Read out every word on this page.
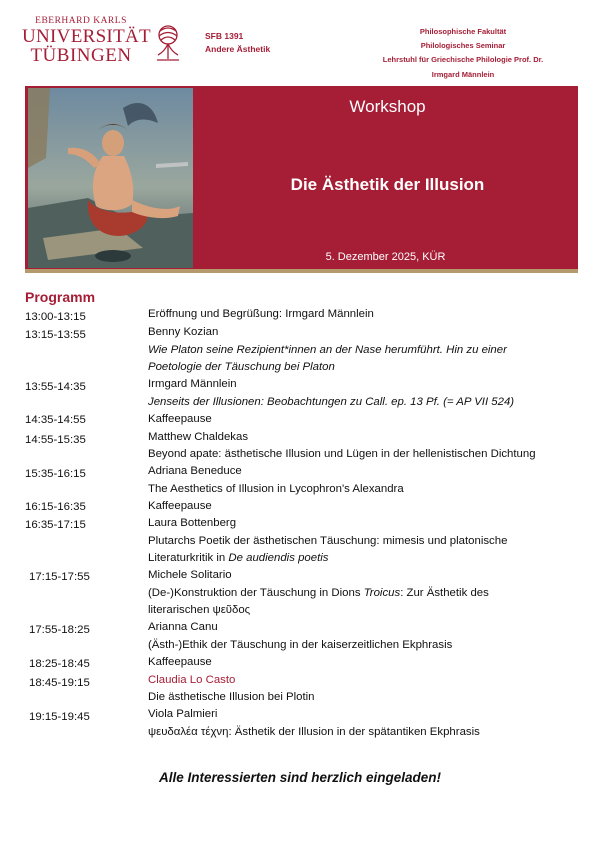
EBERHARD KARLS
UNIVERSITÄT
TÜBINGEN
SFB 1391
Andere Ästhetik
Philosophische Fakultät
Philologisches Seminar
Lehrstuhl für Griechische Philologie Prof. Dr.
Irmgard Männlein
Workshop
Die Ästhetik der Illusion
5. Dezember 2025, KÜR
Programm
13:00-13:15
13:15-13:55
13:55-14:35
14:35-14:55
14:55-15:35
15:35-16:15
16:15-16:35
16:35-17:15
17:15-17:55
17:55-18:25
18:25-18:45
18:45-19:15
19:15-19:45
Eröffnung und Begrüßung: Irmgard Männlein
Benny Kozian
Wie Platon seine Rezipient*innen an der Nase herumführt. Hin zu einer
Poetologie der Täuschung bei Platon
Irmgard Männlein
Jenseits der Illusionen: Beobachtungen zu Call. ep. 13 Pf. (= AP VII 524)
Kaffeepause
Matthew Chaldekas
Beyond apate: ästhetische Illusion und Lügen in der hellenistischen Dichtung
Adriana Beneduce
The Aesthetics of Illusion in Lycophron's Alexandra
Kaffeepause
Laura Bottenberg
Plutarchs Poetik der ästhetischen Täuschung: mimesis und platonische
Literaturkritik in De audiendis poetis
Michele Solitario
(De-)Konstruktion der Täuschung in Dions Troicus: Zur Ästhetik des
literarischen ψεῦδος
Arianna Canu
(Ästh-)Ethik der Täuschung in der kaiserzeitlichen Ekphrasis
Kaffeepause
Claudia Lo Casto
Die ästhetische Illusion bei Plotin
Viola Palmieri
ψευδαλέα τέχνη: Ästhetik der Illusion in der spätantiken Ekphrasis
Alle Interessierten sind herzlich eingeladen!
